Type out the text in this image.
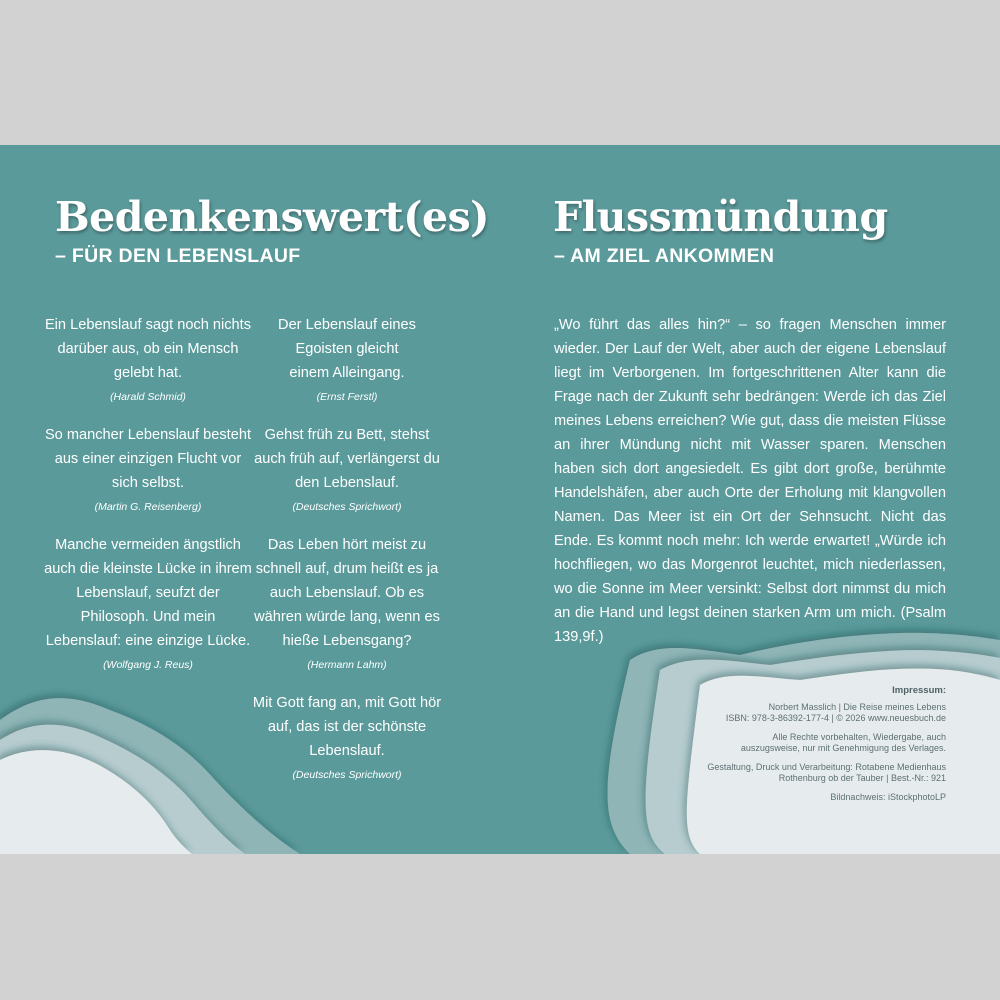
Bedenkenswert(es)
– FÜR DEN LEBENSLAUF
Ein Lebenslauf sagt noch nichts darüber aus, ob ein Mensch gelebt hat.
(Harald Schmid)
So mancher Lebenslauf besteht aus einer einzigen Flucht vor sich selbst.
(Martin G. Reisenberg)
Manche vermeiden ängstlich auch die kleinste Lücke in ihrem Lebenslauf, seufzt der Philosoph. Und mein Lebenslauf: eine einzige Lücke.
(Wolfgang J. Reus)
Der Lebenslauf eines Egoisten gleicht einem Alleingang.
(Ernst Ferstl)
Gehst früh zu Bett, stehst auch früh auf, verlängerst du den Lebenslauf.
(Deutsches Sprichwort)
Das Leben hört meist zu schnell auf, drum heißt es ja auch Lebenslauf. Ob es währen würde lang, wenn es hieße Lebensgang?
(Hermann Lahm)
Mit Gott fang an, mit Gott hör auf, das ist der schönste Lebenslauf.
(Deutsches Sprichwort)
Flussmündung
– AM ZIEL ANKOMMEN

„Wo führt das alles hin?“ – so fragen Menschen immer wieder. Der Lauf der Welt, aber auch der eigene Lebenslauf liegt im Verborgenen. Im fortgeschrittenen Alter kann die Frage nach der Zukunft sehr bedrängen: Werde ich das Ziel meines Lebens erreichen? Wie gut, dass die meisten Flüsse an ihrer Mündung nicht mit Wasser sparen. Menschen haben sich dort angesiedelt. Es gibt dort große, berühmte Handelshäfen, aber auch Orte der Erholung mit klangvollen Namen. Das Meer ist ein Ort der Sehnsucht. Nicht das Ende. Es kommt noch mehr: Ich werde erwartet! „Würde ich hochfliegen, wo das Morgenrot leuchtet, mich niederlassen, wo die Sonne im Meer versinkt: Selbst dort nimmst du mich an die Hand und legst deinen starken Arm um mich. (Psalm 139,9f.)

Impressum:
Norbert Masslich | Die Reise meines Lebens
ISBN: 978-3-86392-177-4 | © 2026 www.neuesbuch.de
Alle Rechte vorbehalten, Wiedergabe, auch
auszugsweise, nur mit Genehmigung des Verlages.
Gestaltung, Druck und Verarbeitung: Rotabene Medienhaus
Rothenburg ob der Tauber | Best.-Nr.: 921
Bildnachweis: iStockphotoLP
